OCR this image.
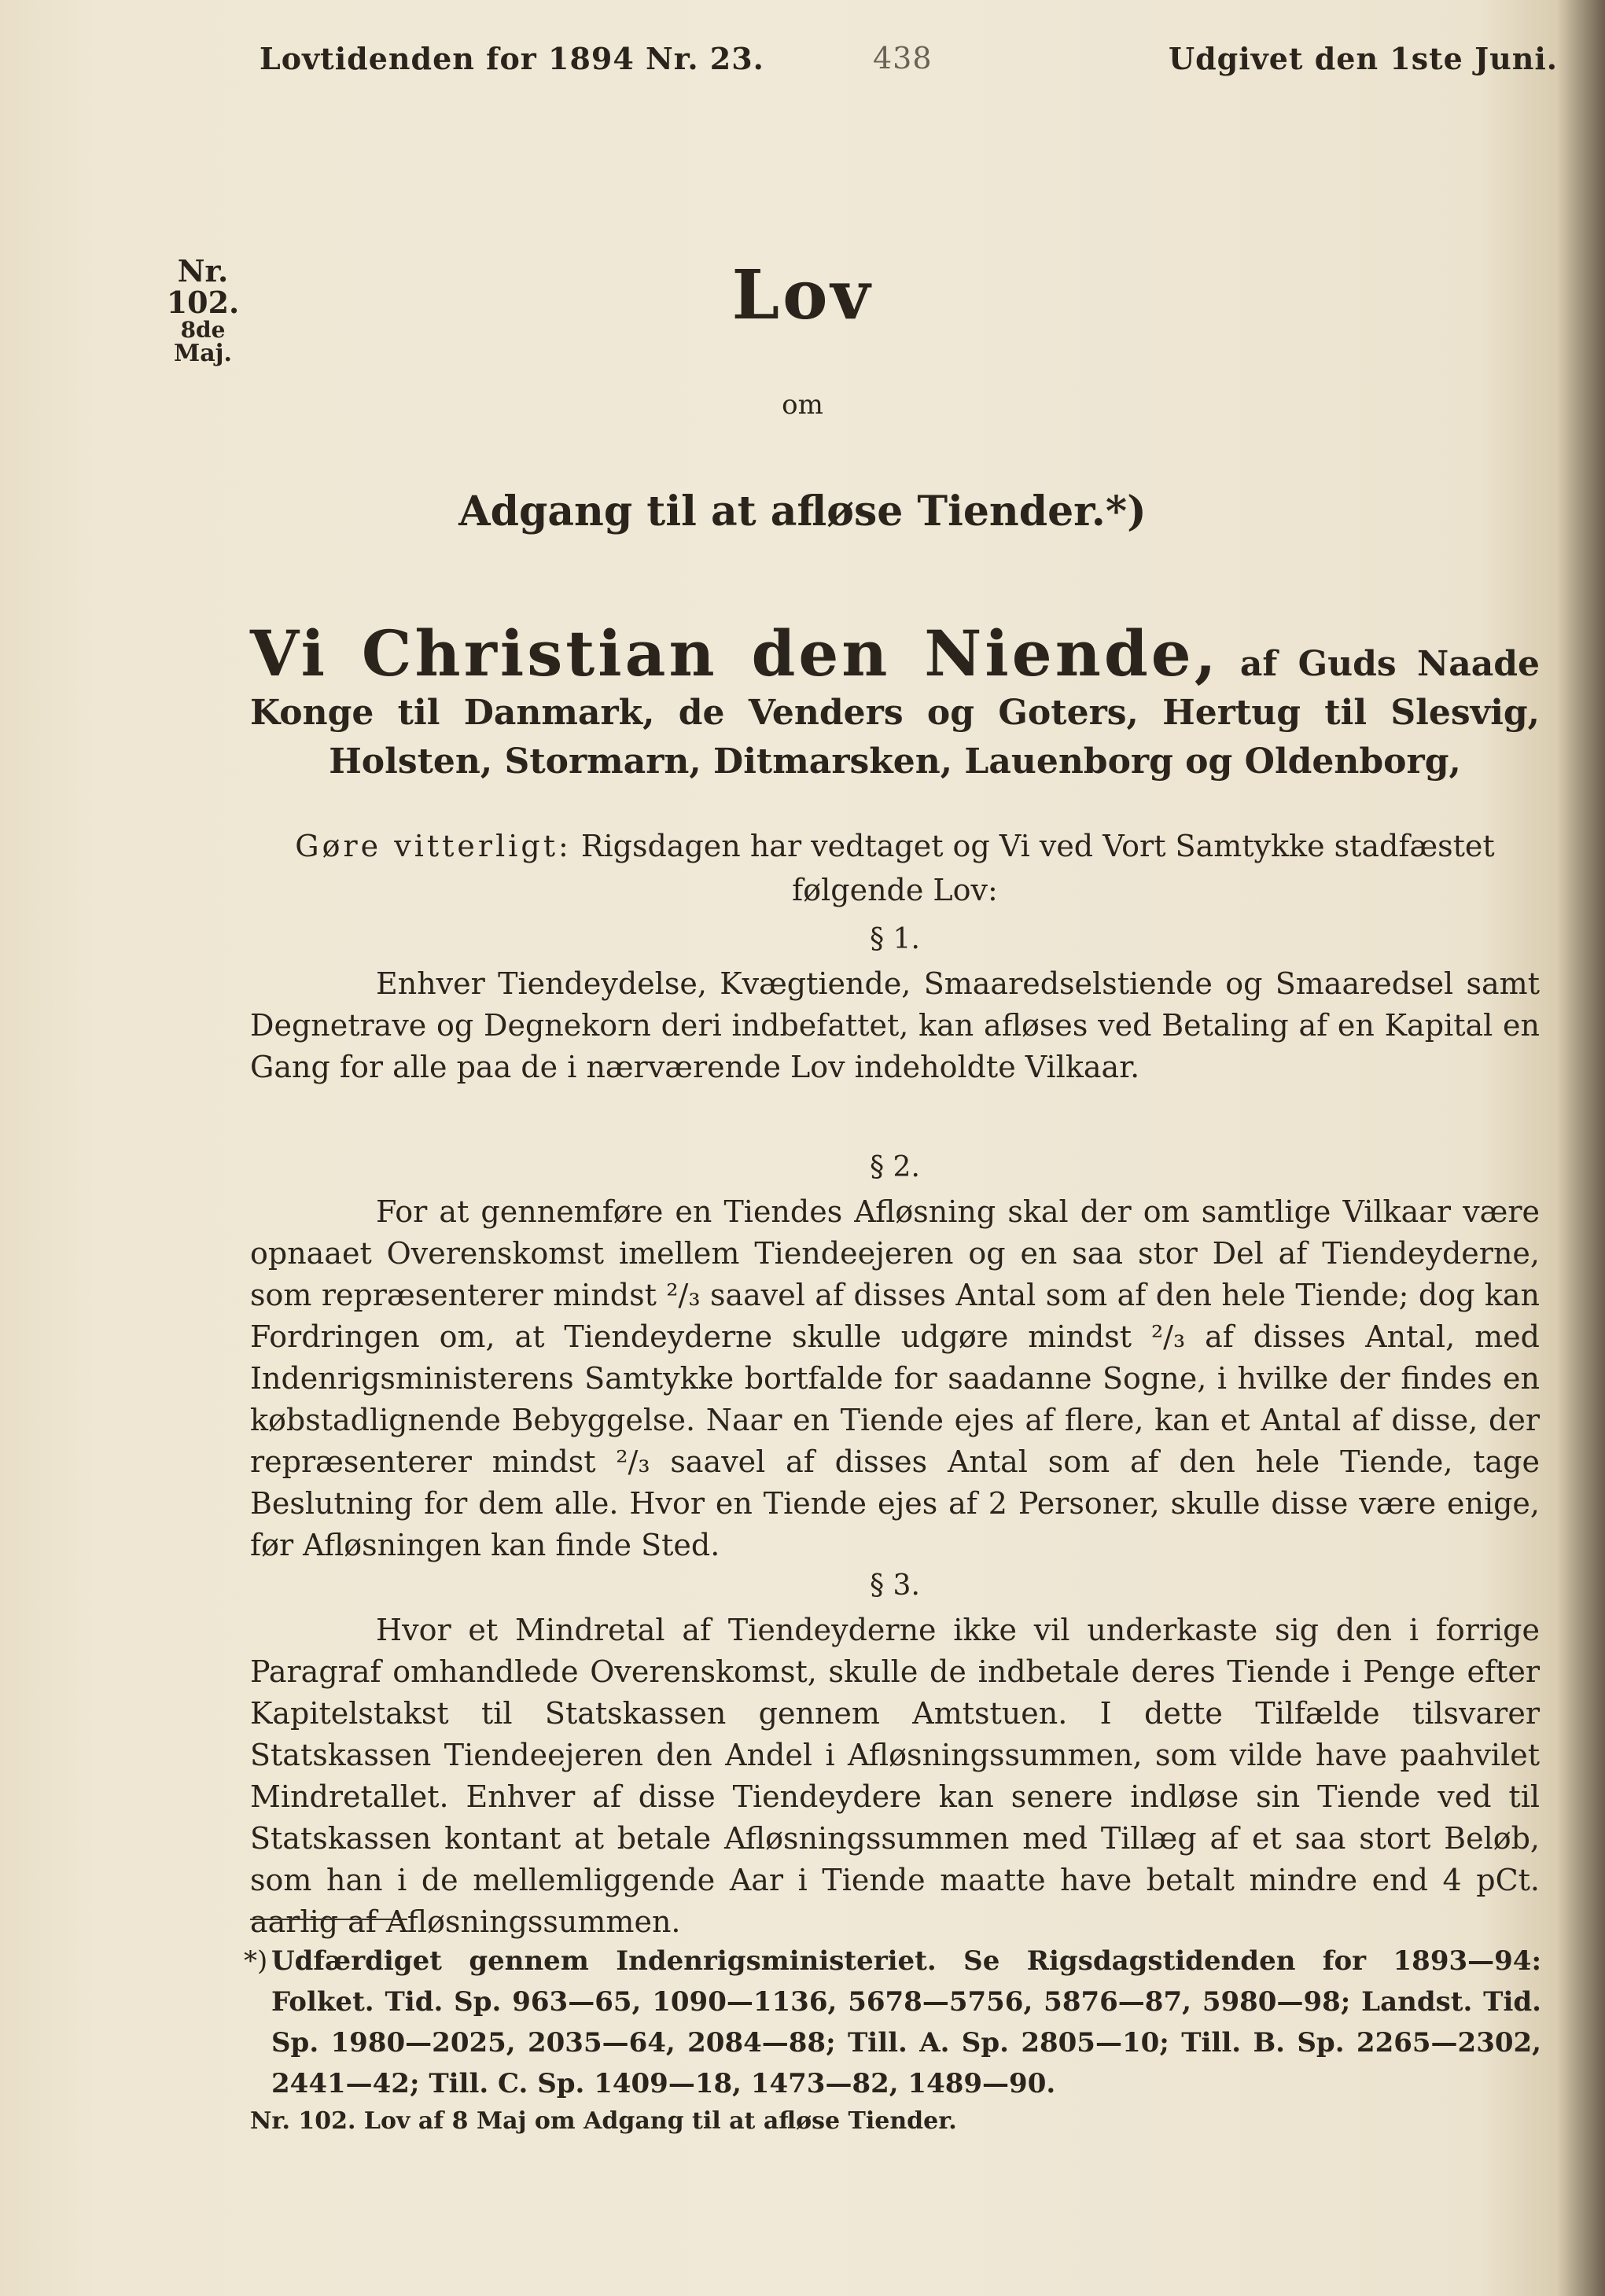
Lovtidenden for 1894 Nr. 23.	438	Udgivet den 1ste Juni.
Nr. 102.
8de
Maj.
Lov
om
Adgang til at afløse Tiender.*)
Vi Christian den Niende, af Guds Naade Konge til Danmark, de Venders og Goters, Hertug til Slesvig, Holsten, Stormarn, Ditmarsken, Lauenborg og Oldenborg,
Gøre vitterligt: Rigsdagen har vedtaget og Vi ved Vort Samtykke stadfæstet følgende Lov:
§ 1.

Enhver Tiendeydelse, Kvægtiende, Smaaredselstiende og Smaaredsel samt Degnetrave og Degnekorn deri indbefattet, kan afløses ved Betaling af en Kapital en Gang for alle paa de i nærværende Lov indeholdte Vilkaar.

§ 2.

For at gennemføre en Tiendes Afløsning skal der om samtlige Vilkaar være opnaaet Overenskomst imellem Tiendeejeren og en saa stor Del af Tiendeyderne, som repræsenterer mindst ²/₃ saavel af disses Antal som af den hele Tiende; dog kan Fordringen om, at Tiendeyderne skulle udgøre mindst ²/₃ af disses Antal, med Indenrigsministerens Samtykke bortfalde for saadanne Sogne, i hvilke der findes en købstadlignende Bebyggelse. Naar en Tiende ejes af flere, kan et Antal af disse, der repræsenterer mindst ²/₃ saavel af disses Antal som af den hele Tiende, tage Beslutning for dem alle. Hvor en Tiende ejes af 2 Personer, skulle disse være enige, før Afløsningen kan finde Sted.

§ 3.

Hvor et Mindretal af Tiendeyderne ikke vil underkaste sig den i forrige Paragraf omhandlede Overenskomst, skulle de indbetale deres Tiende i Penge efter Kapitelstakst til Statskassen gennem Amtstuen. I dette Tilfælde tilsvarer Statskassen Tiendeejeren den Andel i Afløsningssummen, som vilde have paahvilet Mindretallet. Enhver af disse Tiendeydere kan senere indløse sin Tiende ved til Statskassen kontant at betale Afløsningssummen med Tillæg af et saa stort Beløb, som han i de mellemliggende Aar i Tiende maatte have betalt mindre end 4 pCt. aarlig af Afløsningssummen.

*) Udfærdiget gennem Indenrigsministeriet. Se Rigsdagstidenden for 1893—94: Folket. Tid. Sp. 963—65, 1090—1136, 5678—5756, 5876—87, 5980—98; Landst. Tid. Sp. 1980—2025, 2035—64, 2084—88; Till. A. Sp. 2805—10; Till. B. Sp. 2265—2302, 2441—42; Till. C. Sp. 1409—18, 1473—82, 1489—90.
Nr. 102. Lov af 8 Maj om Adgang til at afløse Tiender.
